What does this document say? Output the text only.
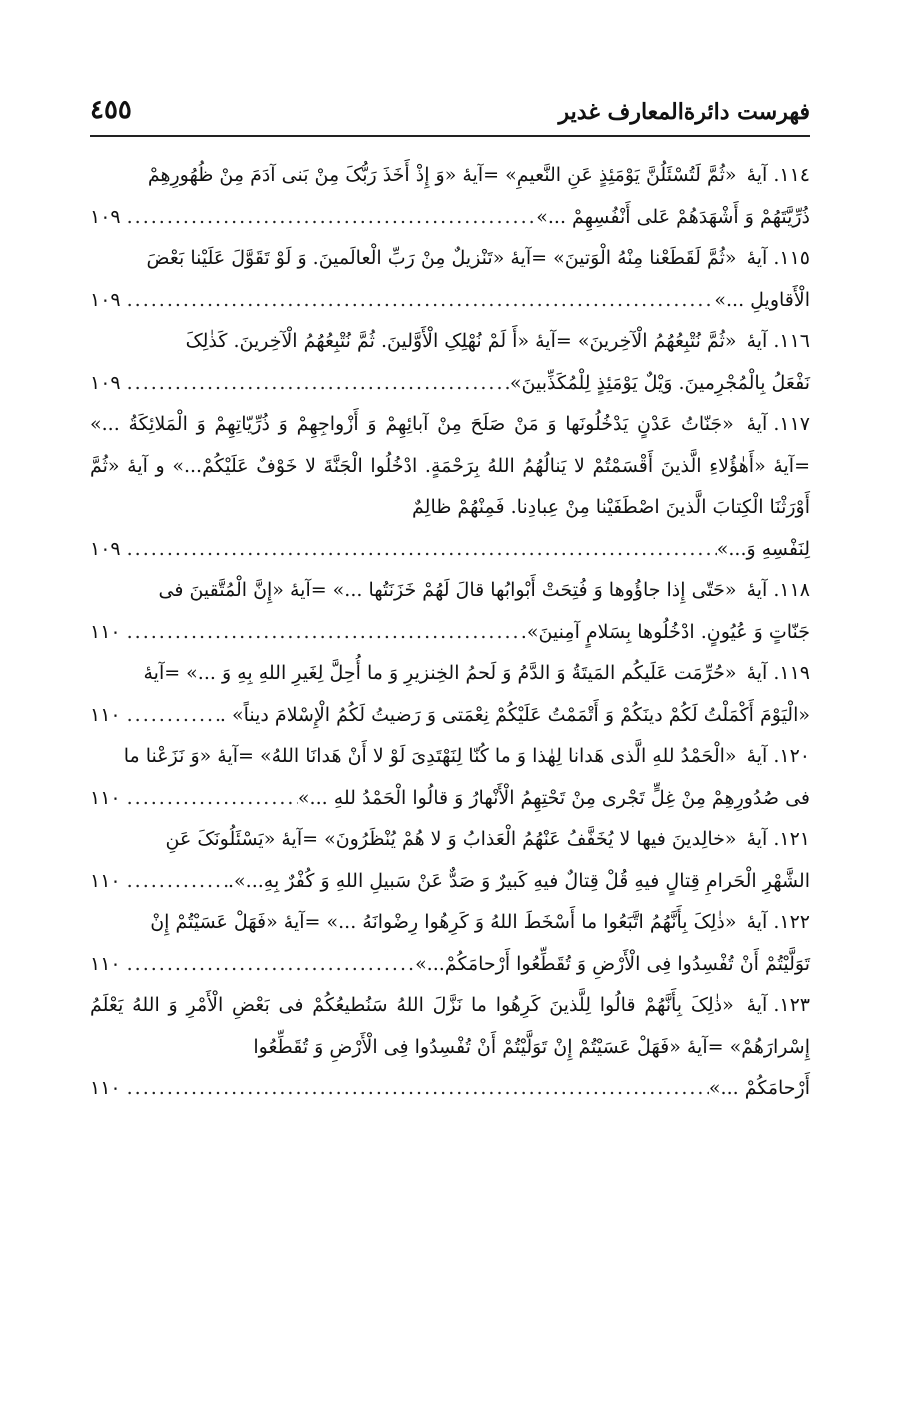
فهرست دائرةالمعارف غدیر
٤٥٥
١١٤.آیهٔ «ثُمَّ لَتُسْئَلُنَّ یَوْمَئِذٍ عَنِ النَّعیمِ» =آیهٔ «وَ إِذْ أَخَذَ رَبُّکَ مِنْ بَنی آدَمَ مِنْ ظُهُورِهِمْ
ذُرِّیَّتَهُمْ وَ أَشْهَدَهُمْ عَلی أَنْفُسِهِمْ ...»
.....
١٠٩
١١٥.آیهٔ «ثُمَّ لَقَطَعْنا مِنْهُ الْوَتینَ» =آیهٔ «تَنْزیلٌ مِنْ رَبِّ الْعالَمینَ. وَ لَوْ تَقَوَّلَ عَلَیْنا بَعْضَ
الْأَقاویلِ ...»
.....
١٠٩
١١٦.آیهٔ «ثُمَّ نُتْبِعُهُمُ الْآخِرینَ» =آیهٔ «أَ لَمْ نُهْلِکِ الْأَوَّلینَ. ثُمَّ نُتْبِعُهُمُ الْآخِرینَ. کَذٰلِکَ
نَفْعَلُ بِالْمُجْرِمینَ. وَیْلٌ یَوْمَئِذٍ لِلْمُکَذِّبینَ»
.....
١٠٩
١١٧.آیهٔ «جَنّاتُ عَدْنٍ یَدْخُلُونَها وَ مَنْ صَلَحَ مِنْ آبائِهِمْ وَ أَزْواجِهِمْ وَ ذُرِّیّاتِهِمْ وَ الْمَلائِکَةُ ...» =آیهٔ «أَهٰؤُلاءِ الَّذینَ أَقْسَمْتُمْ لا یَنالُهُمُ اللهُ بِرَحْمَةٍ. ادْخُلُوا الْجَنَّةَ لا خَوْفٌ عَلَیْکُمْ...» و آیهٔ «ثُمَّ أَوْرَثْنَا الْکِتابَ الَّذینَ اصْطَفَیْنا مِنْ عِبادِنا. فَمِنْهُمْ ظالِمٌ
لِنَفْسِهِ وَ...»
.....
١٠٩
١١٨.آیهٔ «حَتّی إِذا جاؤُوها وَ فُتِحَتْ أَبْوابُها قالَ لَهُمْ خَزَنَتُها ...» =آیهٔ «إِنَّ الْمُتَّقینَ فی
جَنّاتٍ وَ عُیُونٍ. ادْخُلُوها بِسَلامٍ آمِنینَ».
.....
١١٠
١١٩.آیهٔ «حُرِّمَت عَلَیکُم المَیتَةُ وَ الدَّمُ وَ لَحمُ الخِنزیرِ وَ ما أُحِلَّ لِغَیرِ اللهِ بِهِ وَ ...» =آیهٔ
«الْیَوْمَ أَکْمَلْتُ لَکُمْ دینَکُمْ وَ أَتْمَمْتُ عَلَیْکُمْ نِعْمَتی وَ رَضیتُ لَکُمُ الْإِسْلامَ دیناً» .
.....
١١٠
١٢٠.آیهٔ «الْحَمْدُ للهِ الَّذی هَدانا لِهٰذا وَ ما کُنّا لِنَهْتَدِیَ لَوْ لا أَنْ هَدانَا اللهُ» =آیهٔ «وَ نَزَعْنا ما
فی صُدُورِهِمْ مِنْ غِلٍّ تَجْری مِنْ تَحْتِهِمُ الْأَنْهارُ وَ قالُوا الْحَمْدُ للهِ ...»
.....
١١٠
١٢١.آیهٔ «خالِدینَ فیها لا یُخَفَّفُ عَنْهُمُ الْعَذابُ وَ لا هُمْ یُنْظَرُونَ» =آیهٔ «یَسْئَلُونَکَ عَنِ
الشَّهْرِ الْحَرامِ قِتالٍ فیهِ قُلْ قِتالٌ فیهِ کَبیرٌ وَ صَدٌّ عَنْ سَبیلِ اللهِ وَ کُفْرٌ بِهِ...».
.....
١١٠
١٢٢.آیهٔ «ذٰلِکَ بِأَنَّهُمُ اتَّبَعُوا ما أَسْخَطَ اللهُ وَ کَرِهُوا رِضْوانَهُ ...» =آیهٔ «فَهَلْ عَسَیْتُمْ إِنْ
تَوَلَّیْتُمْ أَنْ تُفْسِدُوا فِی الْأَرْضِ وَ تُقَطِّعُوا أَرْحامَکُمْ...»
.....
١١٠
١٢٣.آیهٔ «ذٰلِکَ بِأَنَّهُمْ قالُوا لِلَّذینَ کَرِهُوا ما نَزَّلَ اللهُ سَنُطیعُکُمْ فی بَعْضِ الْأَمْرِ وَ اللهُ یَعْلَمُ إِسْرارَهُمْ» =آیهٔ «فَهَلْ عَسَیْتُمْ إِنْ تَوَلَّیْتُمْ أَنْ تُفْسِدُوا فِی الْأَرْضِ وَ تُقَطِّعُوا
أَرْحامَکُمْ ...»
.....
١١٠
